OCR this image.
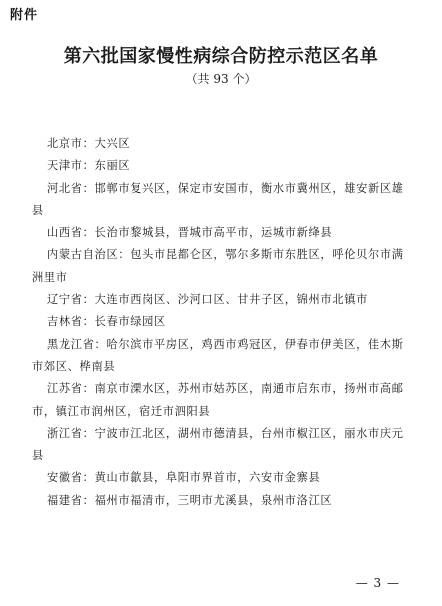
附件
第六批国家慢性病综合防控示范区名单
（共 93 个）

北京市：大兴区

天津市：东丽区

河北省：邯郸市复兴区，保定市安国市，衡水市冀州区，雄安新区雄县

山西省：长治市黎城县，晋城市高平市，运城市新绛县

内蒙古自治区：包头市昆都仑区，鄂尔多斯市东胜区，呼伦贝尔市满洲里市

辽宁省：大连市西岗区、沙河口区、甘井子区，锦州市北镇市

吉林省：长春市绿园区

黑龙江省：哈尔滨市平房区，鸡西市鸡冠区，伊春市伊美区，佳木斯市郊区、桦南县

江苏省：南京市溧水区，苏州市姑苏区，南通市启东市，扬州市高邮市，镇江市润州区，宿迁市泗阳县

浙江省：宁波市江北区，湖州市德清县，台州市椒江区，丽水市庆元县

安徽省：黄山市歙县，阜阳市界首市，六安市金寨县

福建省：福州市福清市，三明市尤溪县，泉州市洛江区

— 3 —
